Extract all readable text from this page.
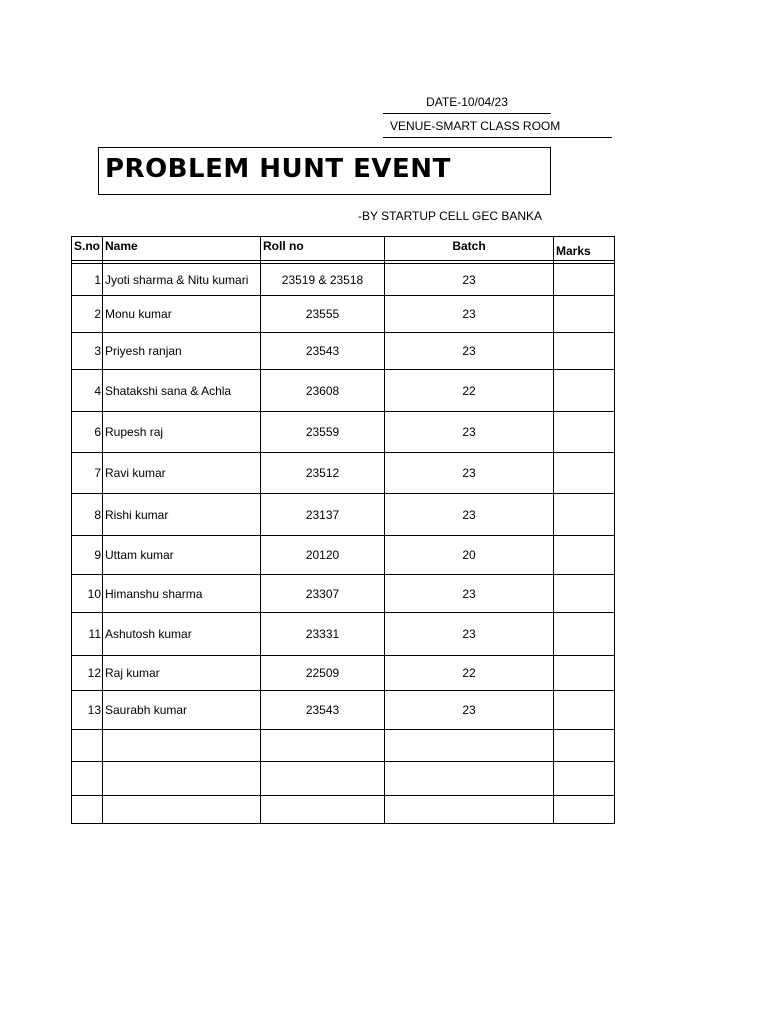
DATE-10/04/23
VENUE-SMART CLASS ROOM
PROBLEM HUNT EVENT
-BY STARTUP CELL GEC BANKA
S.no	Name	Roll no	Batch	Marks

1	Jyoti sharma & Nitu kumari	23519 & 23518	23	
2	Monu kumar	23555	23	
3	Priyesh ranjan	23543	23	
4	Shatakshi sana & Achla	23608	22	
6	Rupesh raj	23559	23	
7	Ravi kumar	23512	23	
8	Rishi kumar	23137	23	
9	Uttam kumar	20120	20	
10	Himanshu sharma	23307	23	
11	Ashutosh kumar	23331	23	
12	Raj kumar	22509	22	
13	Saurabh kumar	23543	23	
